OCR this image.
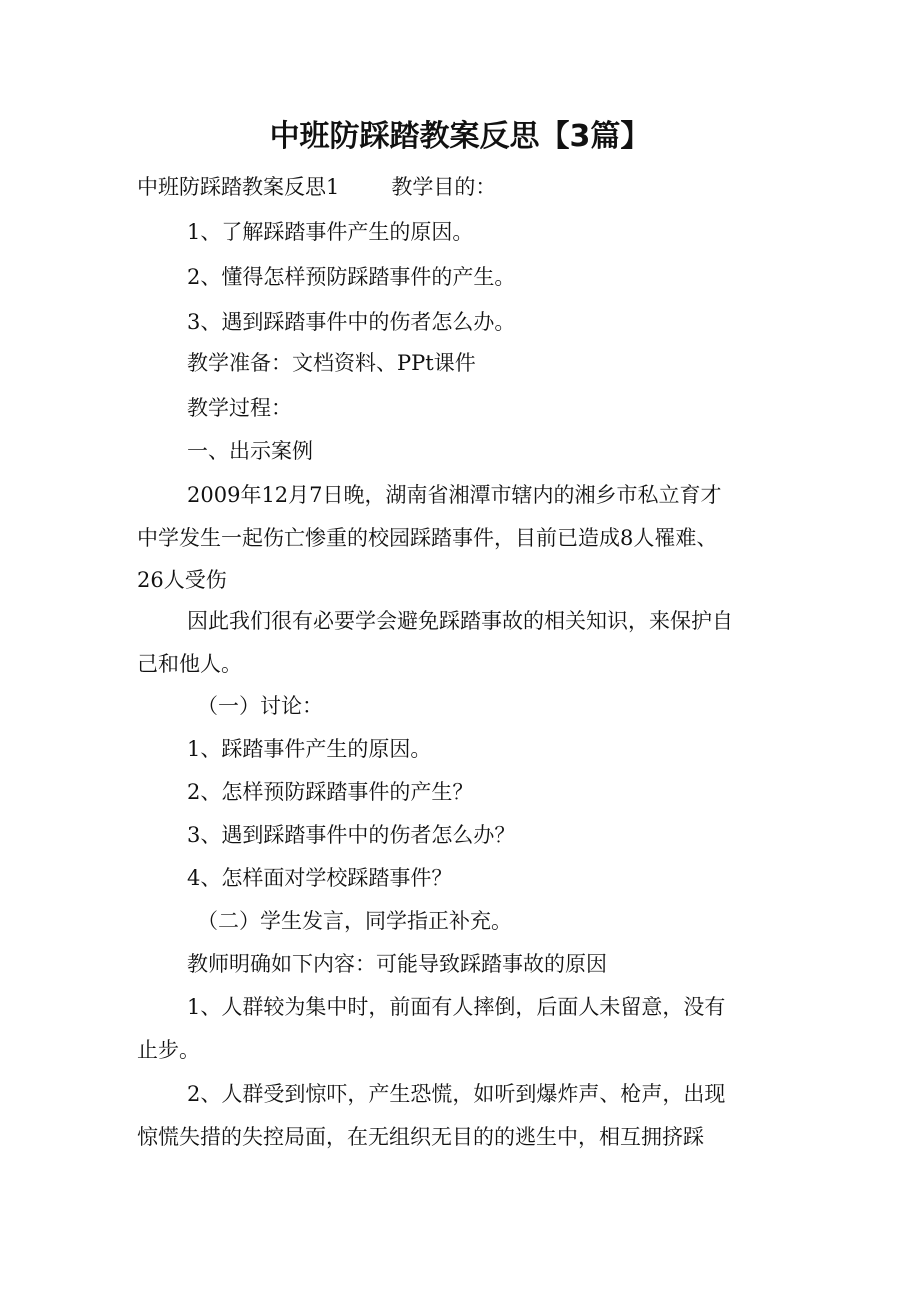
中班防踩踏教案反思【3篇】
中班防踩踏教案反思1 教学目的：
1、了解踩踏事件产生的原因。
2、懂得怎样预防踩踏事件的产生。
3、遇到踩踏事件中的伤者怎么办。
教学准备：文档资料、PPt课件
教学过程：
一、出示案例
2009年12月7日晚，湖南省湘潭市辖内的湘乡市私立育才
中学发生一起伤亡惨重的校园踩踏事件，目前已造成8人罹难、
26人受伤
因此我们很有必要学会避免踩踏事故的相关知识，来保护自
己和他人。
（一）讨论：
1、踩踏事件产生的原因。
2、怎样预防踩踏事件的产生？
3、遇到踩踏事件中的伤者怎么办？
4、怎样面对学校踩踏事件？
（二）学生发言，同学指正补充。
教师明确如下内容：可能导致踩踏事故的原因
1、人群较为集中时，前面有人摔倒，后面人未留意，没有
止步。
2、人群受到惊吓，产生恐慌，如听到爆炸声、枪声，出现
惊慌失措的失控局面，在无组织无目的的逃生中，相互拥挤踩
